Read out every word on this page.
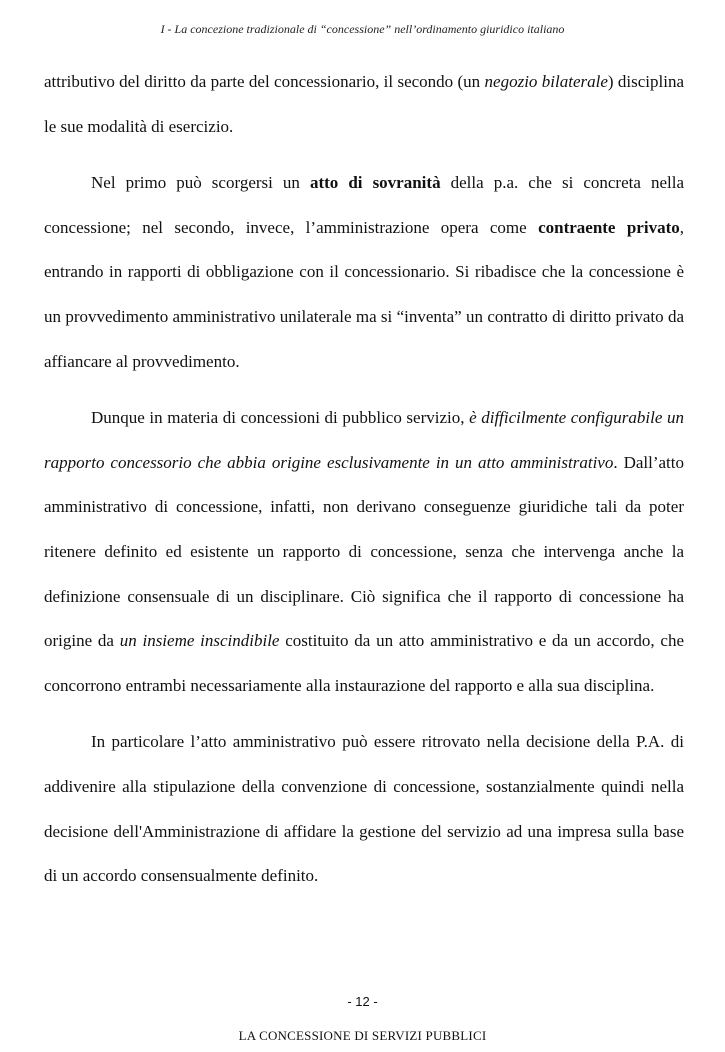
I - La concezione tradizionale di “concessione” nell’ordinamento giuridico italiano

attributivo del diritto da parte del concessionario, il secondo (un negozio bilaterale) disciplina le sue modalità di esercizio.

Nel primo può scorgersi un atto di sovranità della p.a. che si concreta nella concessione; nel secondo, invece, l’amministrazione opera come contraente privato, entrando in rapporti di obbligazione con il concessionario. Si ribadisce che la concessione è un provvedimento amministrativo unilaterale ma si “inventa” un contratto di diritto privato da affiancare al provvedimento.

Dunque in materia di concessioni di pubblico servizio, è difficilmente configurabile un rapporto concessorio che abbia origine esclusivamente in un atto amministrativo. Dall’atto amministrativo di concessione, infatti, non derivano conseguenze giuridiche tali da poter ritenere definito ed esistente un rapporto di concessione, senza che intervenga anche la definizione consensuale di un disciplinare. Ciò significa che il rapporto di concessione ha origine da un insieme inscindibile costituito da un atto amministrativo e da un accordo, che concorrono entrambi necessariamente alla instaurazione del rapporto e alla sua disciplina.

In particolare l’atto amministrativo può essere ritrovato nella decisione della P.A. di addivenire alla stipulazione della convenzione di concessione, sostanzialmente quindi nella decisione dell'Amministrazione di affidare la gestione del servizio ad una impresa sulla base di un accordo consensualmente definito.

- 12 -
LA CONCESSIONE DI SERVIZI PUBBLICI
